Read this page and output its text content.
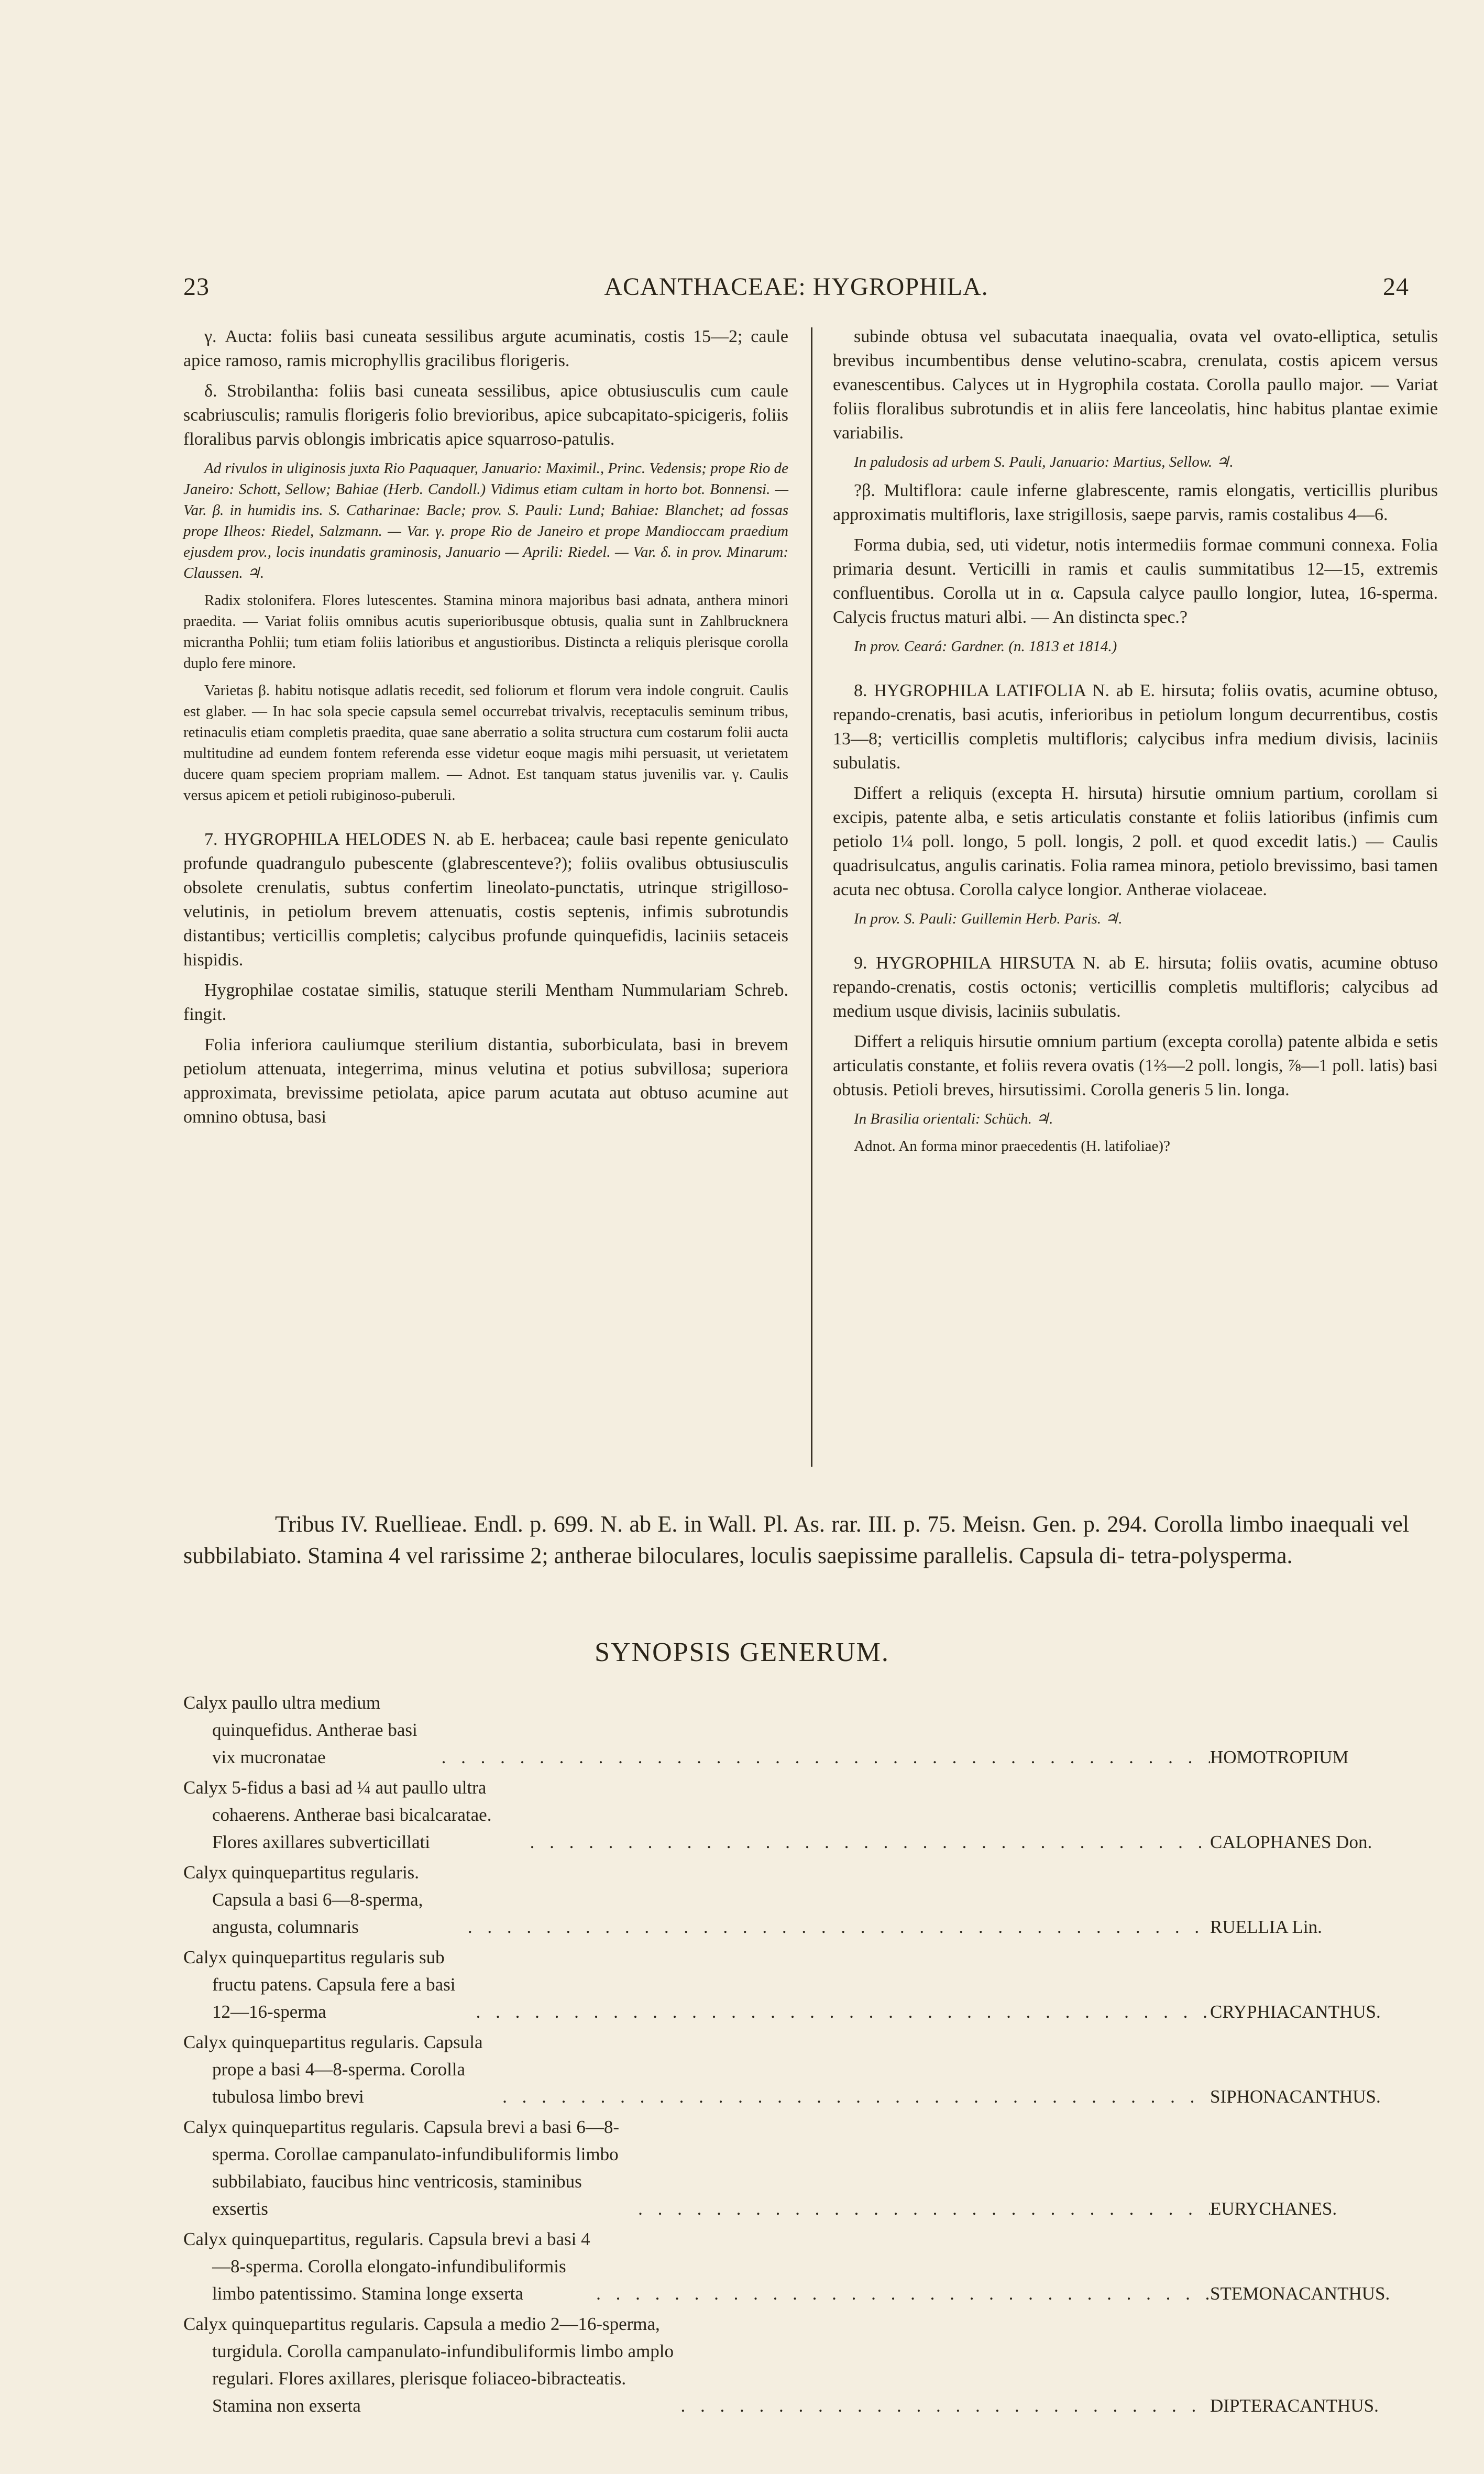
23	ACANTHACEAE: HYGROPHILA.	24

γ. Aucta: foliis basi cuneata sessilibus argute acuminatis, costis 15—2; caule apice ramoso, ramis microphyllis gracilibus florigeris.

δ. Strobilantha: foliis basi cuneata sessilibus, apice obtusiusculis cum caule scabriusculis; ramulis florigeris folio brevioribus, apice subcapitato-spicigeris, foliis floralibus parvis oblongis imbricatis apice squarroso-patulis.

Ad rivulos in uliginosis juxta Rio Paquaquer, Januario: Maximil., Princ. Vedensis; prope Rio de Janeiro: Schott, Sellow; Bahiae (Herb. Candoll.) Vidimus etiam cultam in horto bot. Bonnensi. — Var. β. in humidis ins. S. Catharinae: Bacle; prov. S. Pauli: Lund; Bahiae: Blanchet; ad fossas prope Ilheos: Riedel, Salzmann. — Var. γ. prope Rio de Janeiro et prope Mandioccam praedium ejusdem prov., locis inundatis graminosis, Januario — Aprili: Riedel. — Var. δ. in prov. Minarum: Claussen. ♃.

Radix stolonifera. Flores lutescentes. Stamina minora majoribus basi adnata, anthera minori praedita. — Variat foliis omnibus acutis superioribusque obtusis, qualia sunt in Zahlbrucknera micrantha Pohlii; tum etiam foliis latioribus et angustioribus. Distincta a reliquis plerisque corolla duplo fere minore.

Varietas β. habitu notisque adlatis recedit, sed foliorum et florum vera indole congruit. Caulis est glaber. — In hac sola specie capsula semel occurrebat trivalvis, receptaculis seminum tribus, retinaculis etiam completis praedita, quae sane aberratio a solita structura cum costarum folii aucta multitudine ad eundem fontem referenda esse videtur eoque magis mihi persuasit, ut verietatem ducere quam speciem propriam mallem. — Adnot. Est tanquam status juvenilis var. γ. Caulis versus apicem et petioli rubiginoso-puberuli.

7. HYGROPHILA HELODES N. ab E. herbacea; caule basi repente geniculato profunde quadrangulo pubescente (glabrescenteve?); foliis ovalibus obtusiusculis obsolete crenulatis, subtus confertim lineolato-punctatis, utrinque strigilloso-velutinis, in petiolum brevem attenuatis, costis septenis, infimis subrotundis distantibus; verticillis completis; calycibus profunde quinquefidis, laciniis setaceis hispidis.

Hygrophilae costatae similis, statuque sterili Mentham Nummulariam Schreb. fingit.

Folia inferiora cauliumque sterilium distantia, suborbiculata, basi in brevem petiolum attenuata, integerrima, minus velutina et potius subvillosa; superiora approximata, brevissime petiolata, apice parum acutata aut obtuso acumine aut omnino obtusa, basi

subinde obtusa vel subacutata inaequalia, ovata vel ovato-elliptica, setulis brevibus incumbentibus dense velutino-scabra, crenulata, costis apicem versus evanescentibus. Calyces ut in Hygrophila costata. Corolla paullo major. — Variat foliis floralibus subrotundis et in aliis fere lanceolatis, hinc habitus plantae eximie variabilis.

In paludosis ad urbem S. Pauli, Januario: Martius, Sellow. ♃.

?β. Multiflora: caule inferne glabrescente, ramis elongatis, verticillis pluribus approximatis multifloris, laxe strigillosis, saepe parvis, ramis costalibus 4—6.

Forma dubia, sed, uti videtur, notis intermediis formae communi connexa. Folia primaria desunt. Verticilli in ramis et caulis summitatibus 12—15, extremis confluentibus. Corolla ut in α. Capsula calyce paullo longior, lutea, 16-sperma. Calycis fructus maturi albi. — An distincta spec.?

In prov. Ceará: Gardner. (n. 1813 et 1814.)

8. HYGROPHILA LATIFOLIA N. ab E. hirsuta; foliis ovatis, acumine obtuso, repando-crenatis, basi acutis, inferioribus in petiolum longum decurrentibus, costis 13—8; verticillis completis multifloris; calycibus infra medium divisis, laciniis subulatis.

Differt a reliquis (excepta H. hirsuta) hirsutie omnium partium, corollam si excipis, patente alba, e setis articulatis constante et foliis latioribus (infimis cum petiolo 1¼ poll. longo, 5 poll. longis, 2 poll. et quod excedit latis.) — Caulis quadrisulcatus, angulis carinatis. Folia ramea minora, petiolo brevissimo, basi tamen acuta nec obtusa. Corolla calyce longior. Antherae violaceae.

In prov. S. Pauli: Guillemin Herb. Paris. ♃.

9. HYGROPHILA HIRSUTA N. ab E. hirsuta; foliis ovatis, acumine obtuso repando-crenatis, costis octonis; verticillis completis multifloris; calycibus ad medium usque divisis, laciniis subulatis.

Differt a reliquis hirsutie omnium partium (excepta corolla) patente albida e setis articulatis constante, et foliis revera ovatis (1⅔—2 poll. longis, ⅞—1 poll. latis) basi obtusis. Petioli breves, hirsutissimi. Corolla generis 5 lin. longa.

In Brasilia orientali: Schüch. ♃.

Adnot. An forma minor praecedentis (H. latifoliae)?

Tribus IV. Ruellieae. Endl. p. 699. N. ab E. in Wall. Pl. As. rar. III. p. 75. Meisn. Gen. p. 294. Corolla limbo inaequali vel subbilabiato. Stamina 4 vel rarissime 2; antherae biloculares, loculis saepissime parallelis. Capsula di- tetra-polysperma.
SYNOPSIS GENERUM.
Calyx paullo ultra medium quinquefidus. Antherae basi vix mucronatae . . .	HOMOTROPIUM
Calyx 5-fidus a basi ad ¼ aut paullo ultra cohaerens. Antherae basi bicalcaratae. Flores axillares subverticillati . . .	CALOPHANES Don.
Calyx quinquepartitus regularis. Capsula a basi 6—8-sperma, angusta, columnaris . . .	RUELLIA Lin.
Calyx quinquepartitus regularis sub fructu patens. Capsula fere a basi 12—16-sperma . . .	CRYPHIACANTHUS.
Calyx quinquepartitus regularis. Capsula prope a basi 4—8-sperma. Corolla tubulosa limbo brevi . . .	SIPHONACANTHUS.
Calyx quinquepartitus regularis. Capsula brevi a basi 6—8-sperma. Corollae campanulato-infundibuliformis limbo subbilabiato, faucibus hinc ventricosis, staminibus exsertis . . .	EURYCHANES.
Calyx quinquepartitus, regularis. Capsula brevi a basi 4—8-sperma. Corolla elongato-infundibuliformis limbo patentissimo. Stamina longe exserta . . .	STEMONACANTHUS.
Calyx quinquepartitus regularis. Capsula a medio 2—16-sperma, turgidula. Corolla campanulato-infundibuliformis limbo amplo regulari. Flores axillares, plerisque foliaceo-bibracteatis. Stamina non exserta . . .	DIPTERACANTHUS.
